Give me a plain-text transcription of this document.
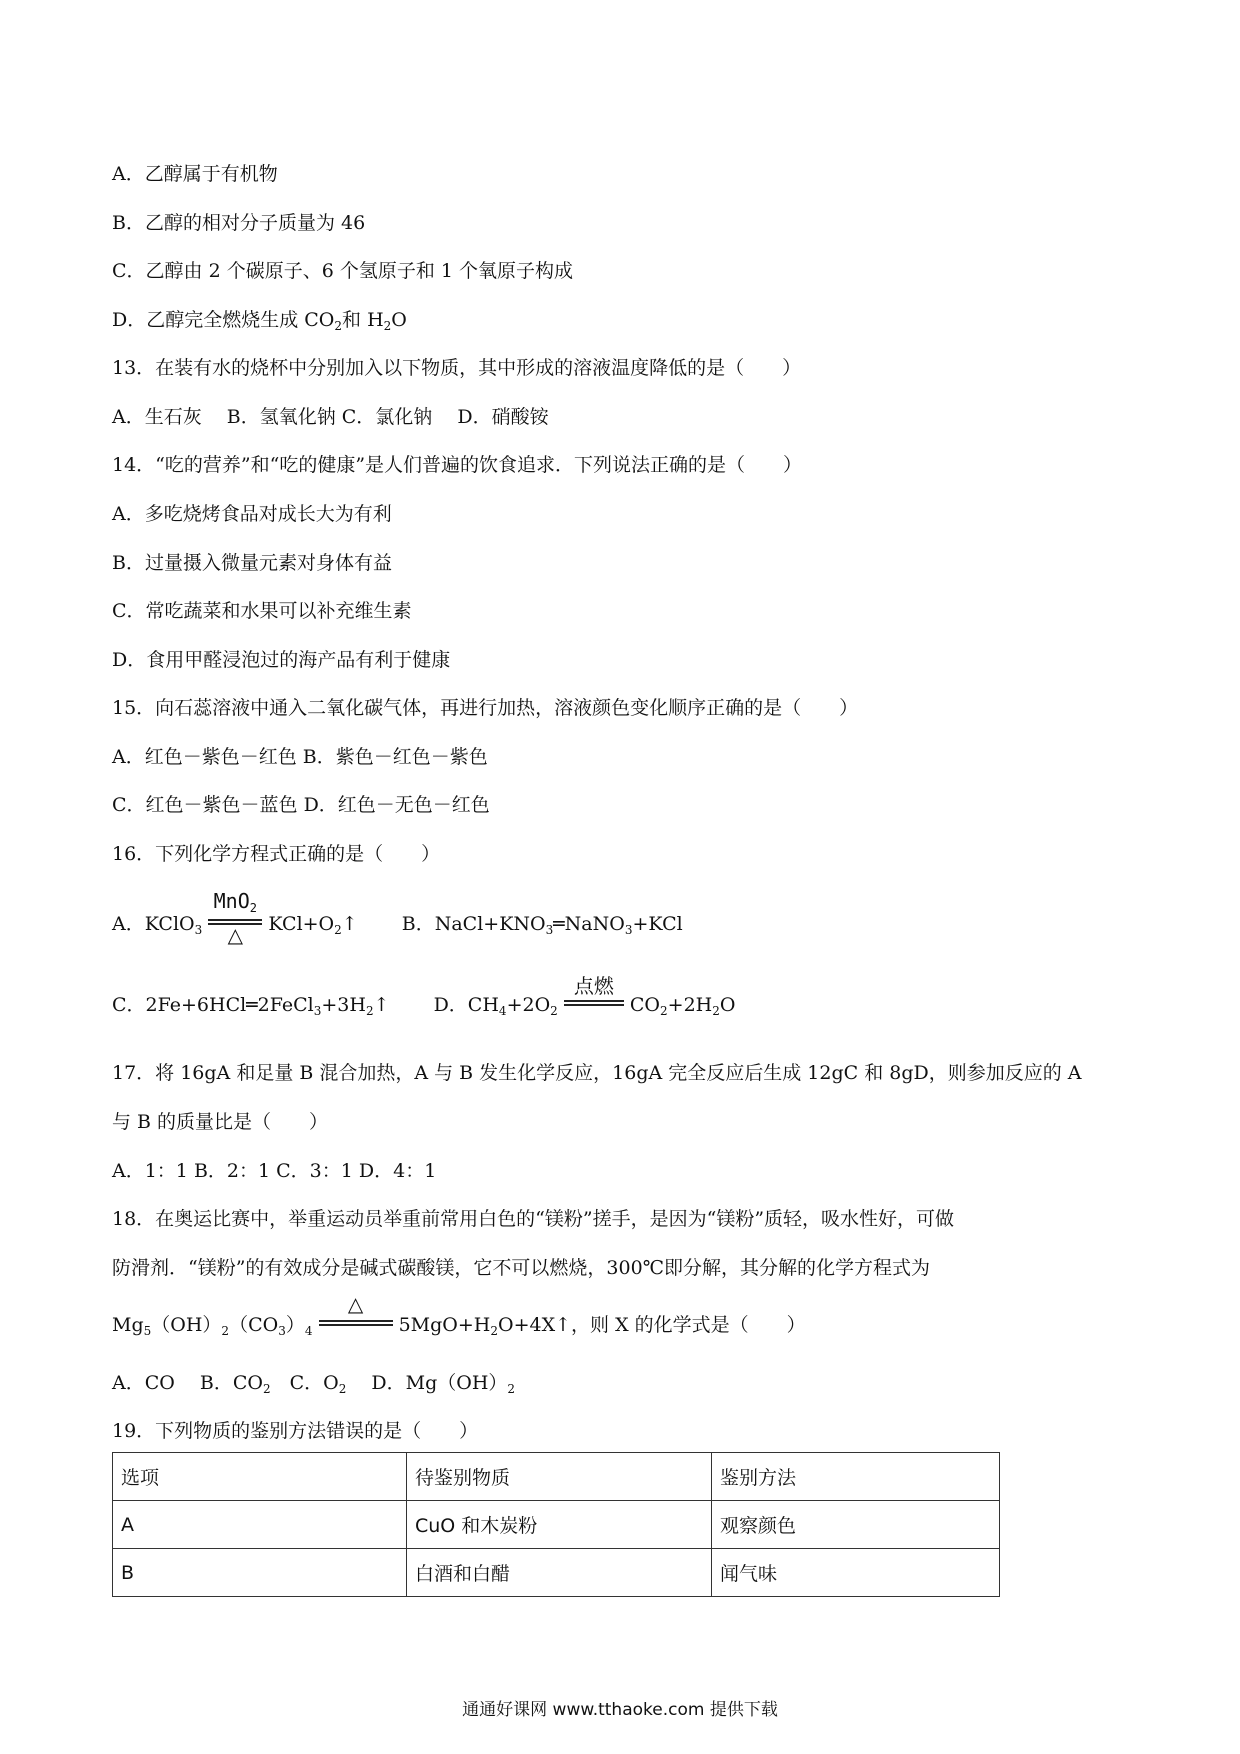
A．乙醇属于有机物
B．乙醇的相对分子质量为 46
C．乙醇由 2 个碳原子、6 个氢原子和 1 个氧原子构成
D．乙醇完全燃烧生成 $CO_2$和 $H_2O$
13．在装有水的烧杯中分别加入以下物质，其中形成的溶液温度降低的是（　　）
A．生石灰　 B．氢氧化钠 C．氯化钠　 D．硝酸铵
14．“吃的营养”和“吃的健康”是人们普遍的饮食追求．下列说法正确的是（　　）
A．多吃烧烤食品对成长大为有利
B．过量摄入微量元素对身体有益
C．常吃蔬菜和水果可以补充维生素
D．食用甲醛浸泡过的海产品有利于健康
15．向石蕊溶液中通入二氧化碳气体，再进行加热，溶液颜色变化顺序正确的是（　　）
A．红色－紫色－红色 B．紫色－红色－紫色
C．红色－紫色－蓝色 D．红色－无色－红色
16．下列化学方程式正确的是（　　）
A．KClO$_3$
MnO$_2$
△	$KCl+O_2↑$　　 B．$NaCl+KNO_3═NaNO_3+KCl$
C．$2Fe+6HCl═2FeCl_3+3H_2↑$　　 D．$CH_4+2O_2$
点燃
$CO_2+2H_2O$
17．将 16gA 和足量 B 混合加热，A 与 B 发生化学反应，16gA 完全反应后生成 12gC 和 8gD，则参加反应的 A
与 B 的质量比是（　　）
A．1：1 B．2：1 C．3：1 D．4：1
18．在奥运比赛中，举重运动员举重前常用白色的“镁粉”搓手，是因为“镁粉”质轻，吸水性好，可做
防滑剂．“镁粉”的有效成分是碱式碳酸镁，它不可以燃烧，300℃即分解，其分解的化学方程式为
$Mg_5(OH)_2(CO_3)_4$
△
$5MgO+H_2O+4X↑$，则 X 的化学式是（　　）
A．CO　 B．$CO_2$　C．$O_2$　 D．$Mg(OH)_2$
19．下列物质的鉴别方法错误的是（　　）
选项	待鉴别物质	鉴别方法
A	CuO 和木炭粉	观察颜色
B	白酒和白醋	闻气味
通通好课网 www.tthaoke.com 提供下载
